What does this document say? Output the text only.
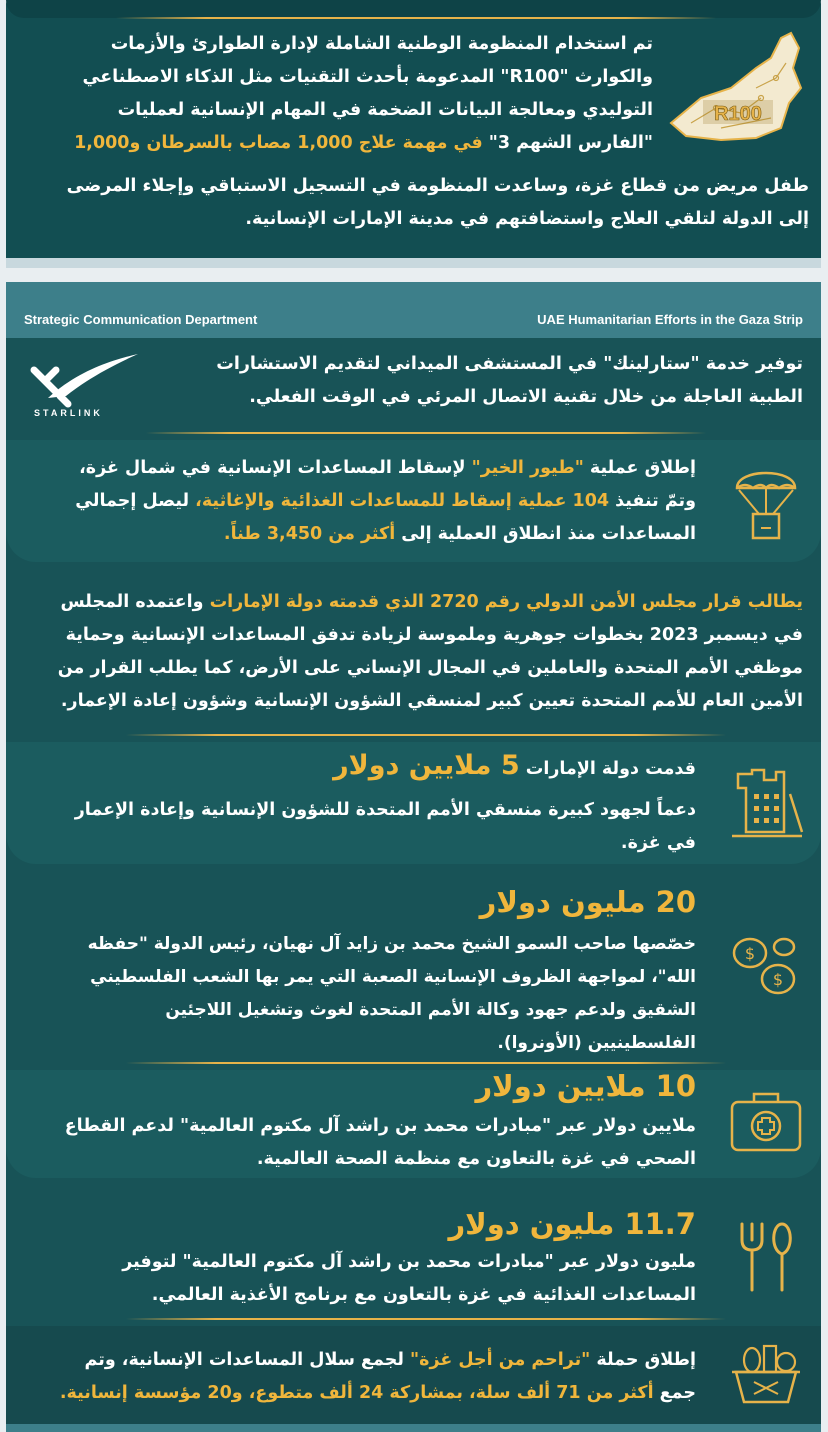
R100
تم استخدام المنظومة الوطنية الشاملة لإدارة الطوارئ والأزمات
والكوارث "R100" المدعومة بأحدث التقنيات مثل الذكاء الاصطناعي
التوليدي ومعالجة البيانات الضخمة في المهام الإنسانية لعمليات
"الفارس الشهم 3" في مهمة علاج 1,000 مصاب بالسرطان و1,000
طفل مريض من قطاع غزة، وساعدت المنظومة في التسجيل الاستباقي وإجلاء المرضى
إلى الدولة لتلقي العلاج واستضافتهم في مدينة الإمارات الإنسانية.
Strategic Communication Department	UAE Humanitarian Efforts in the Gaza Strip
STARLINK
توفير خدمة "ستارلينك" في المستشفى الميداني لتقديم الاستشارات
الطبية العاجلة من خلال تقنية الاتصال المرئي في الوقت الفعلي.
إطلاق عملية "طيور الخير" لإسقاط المساعدات الإنسانية في شمال غزة،
وتمّ تنفيذ 104 عملية إسقاط للمساعدات الغذائية والإغاثية، ليصل إجمالي
المساعدات منذ انطلاق العملية إلى أكثر من 3,450 طناً.
يطالب قرار مجلس الأمن الدولي رقم 2720 الذي قدمته دولة الإمارات واعتمده المجلس
في ديسمبر 2023 بخطوات جوهرية وملموسة لزيادة تدفق المساعدات الإنسانية وحماية
موظفي الأمم المتحدة والعاملين في المجال الإنساني على الأرض، كما يطلب القرار من
الأمين العام للأمم المتحدة تعيين كبير لمنسقي الشؤون الإنسانية وشؤون إعادة الإعمار.
قدمت دولة الإمارات 5 ملايين دولار
دعماً لجهود كبيرة منسقي الأمم المتحدة للشؤون الإنسانية وإعادة الإعمار
في غزة.
20 مليون دولار
$
$
خصّصها صاحب السمو الشيخ محمد بن زايد آل نهيان، رئيس الدولة "حفظه
الله"، لمواجهة الظروف الإنسانية الصعبة التي يمر بها الشعب الفلسطيني
الشقيق ولدعم جهود وكالة الأمم المتحدة لغوث وتشغيل اللاجئين
الفلسطينيين (الأونروا).
10 ملايين دولار
ملايين دولار عبر "مبادرات محمد بن راشد آل مكتوم العالمية" لدعم القطاع
الصحي في غزة بالتعاون مع منظمة الصحة العالمية.
11.7 مليون دولار
مليون دولار عبر "مبادرات محمد بن راشد آل مكتوم العالمية" لتوفير
المساعدات الغذائية في غزة بالتعاون مع برنامج الأغذية العالمي.
إطلاق حملة "تراحم من أجل غزة" لجمع سلال المساعدات الإنسانية، وتم
جمع أكثر من 71 ألف سلة، بمشاركة 24 ألف متطوع، و20 مؤسسة إنسانية.
